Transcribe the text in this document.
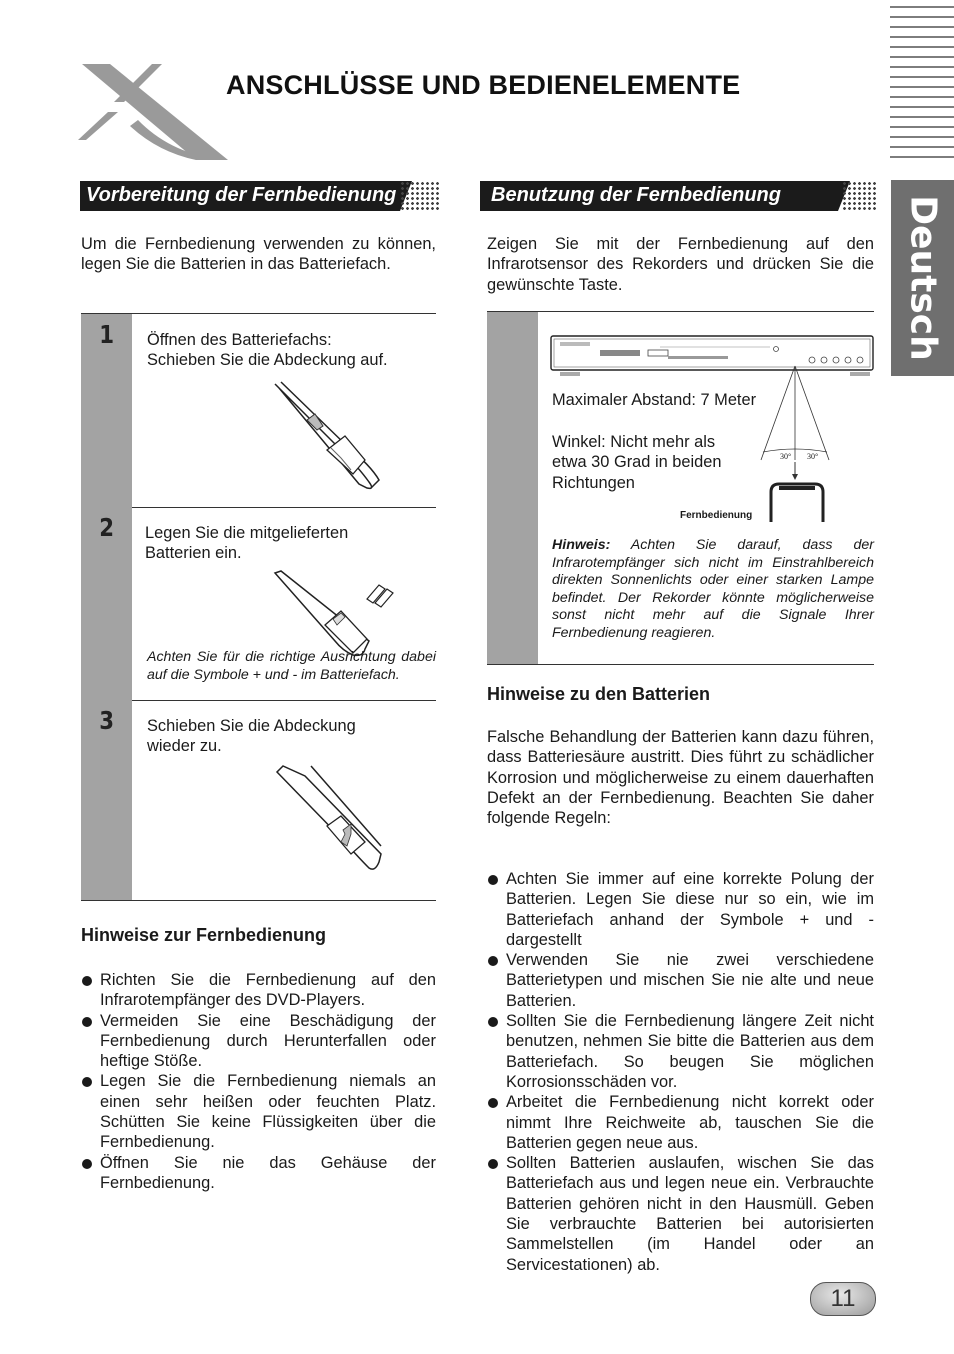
ANSCHLÜSSE UND BEDIENELEMENTE
Deutsch
Vorbereitung der Fernbedienung
Um die Fernbedienung verwenden zu können, legen Sie die Batterien in das Batteriefach.
1 Öffnen des Batteriefachs:
Schieben Sie die Abdeckung auf.
2 Legen Sie die mitgelieferten
Batterien ein.
Achten Sie für die richtige Ausrichtung dabei auf die Symbole + und - im Batteriefach.
3 Schieben Sie die Abdeckung
wieder zu.
Hinweise zur Fernbedienung
Richten Sie die Fernbedienung auf den Infrarotempfänger des DVD-Players.
Vermeiden Sie eine Beschädigung der Fernbedienung durch Herunterfallen oder heftige Stöße.
Legen Sie die Fernbedienung niemals an einen sehr heißen oder feuchten Platz. Schütten Sie keine Flüssigkeiten über die Fernbedienung.
Öffnen Sie nie das Gehäuse der Fernbedienung.
Benutzung der Fernbedienung
Zeigen Sie mit der Fernbedienung auf den Infrarotsensor des Rekorders und drücken Sie die gewünschte Taste.
Maximaler Abstand: 7 Meter
Winkel: Nicht mehr als
etwa 30 Grad in beiden
Richtungen
30° 30°
Fernbedienung
Hinweis: Achten Sie darauf, dass der Infrarotempfänger sich nicht im Einstrahlbereich direkten Sonnenlichts oder einer starken Lampe befindet. Der Rekorder könnte möglicherweise sonst nicht mehr auf die Signale Ihrer Fernbedienung reagieren.
Hinweise zu den Batterien
Falsche Behandlung der Batterien kann dazu führen, dass Batteriesäure austritt. Dies führt zu schädlicher Korrosion und möglicherweise zu einem dauerhaften Defekt an der Fernbedienung. Beachten Sie daher folgende Regeln:
Achten Sie immer auf eine korrekte Polung der Batterien. Legen Sie diese nur so ein, wie im Batteriefach anhand der Symbole + und - dargestellt
Verwenden Sie nie zwei verschiedene Batterietypen und mischen Sie nie alte und neue Batterien.
Sollten Sie die Fernbedienung längere Zeit nicht benutzen, nehmen Sie bitte die Batterien aus dem Batteriefach. So beugen Sie möglichen Korrosionsschäden vor.
Arbeitet die Fernbedienung nicht korrekt oder nimmt Ihre Reichweite ab, tauschen Sie die Batterien gegen neue aus.
Sollten Batterien auslaufen, wischen Sie das Batteriefach aus und legen neue ein. Verbrauchte Batterien gehören nicht in den Hausmüll. Geben Sie verbrauchte Batterien bei autorisierten Sammelstellen (im Handel oder an Servicestationen) ab.
11
